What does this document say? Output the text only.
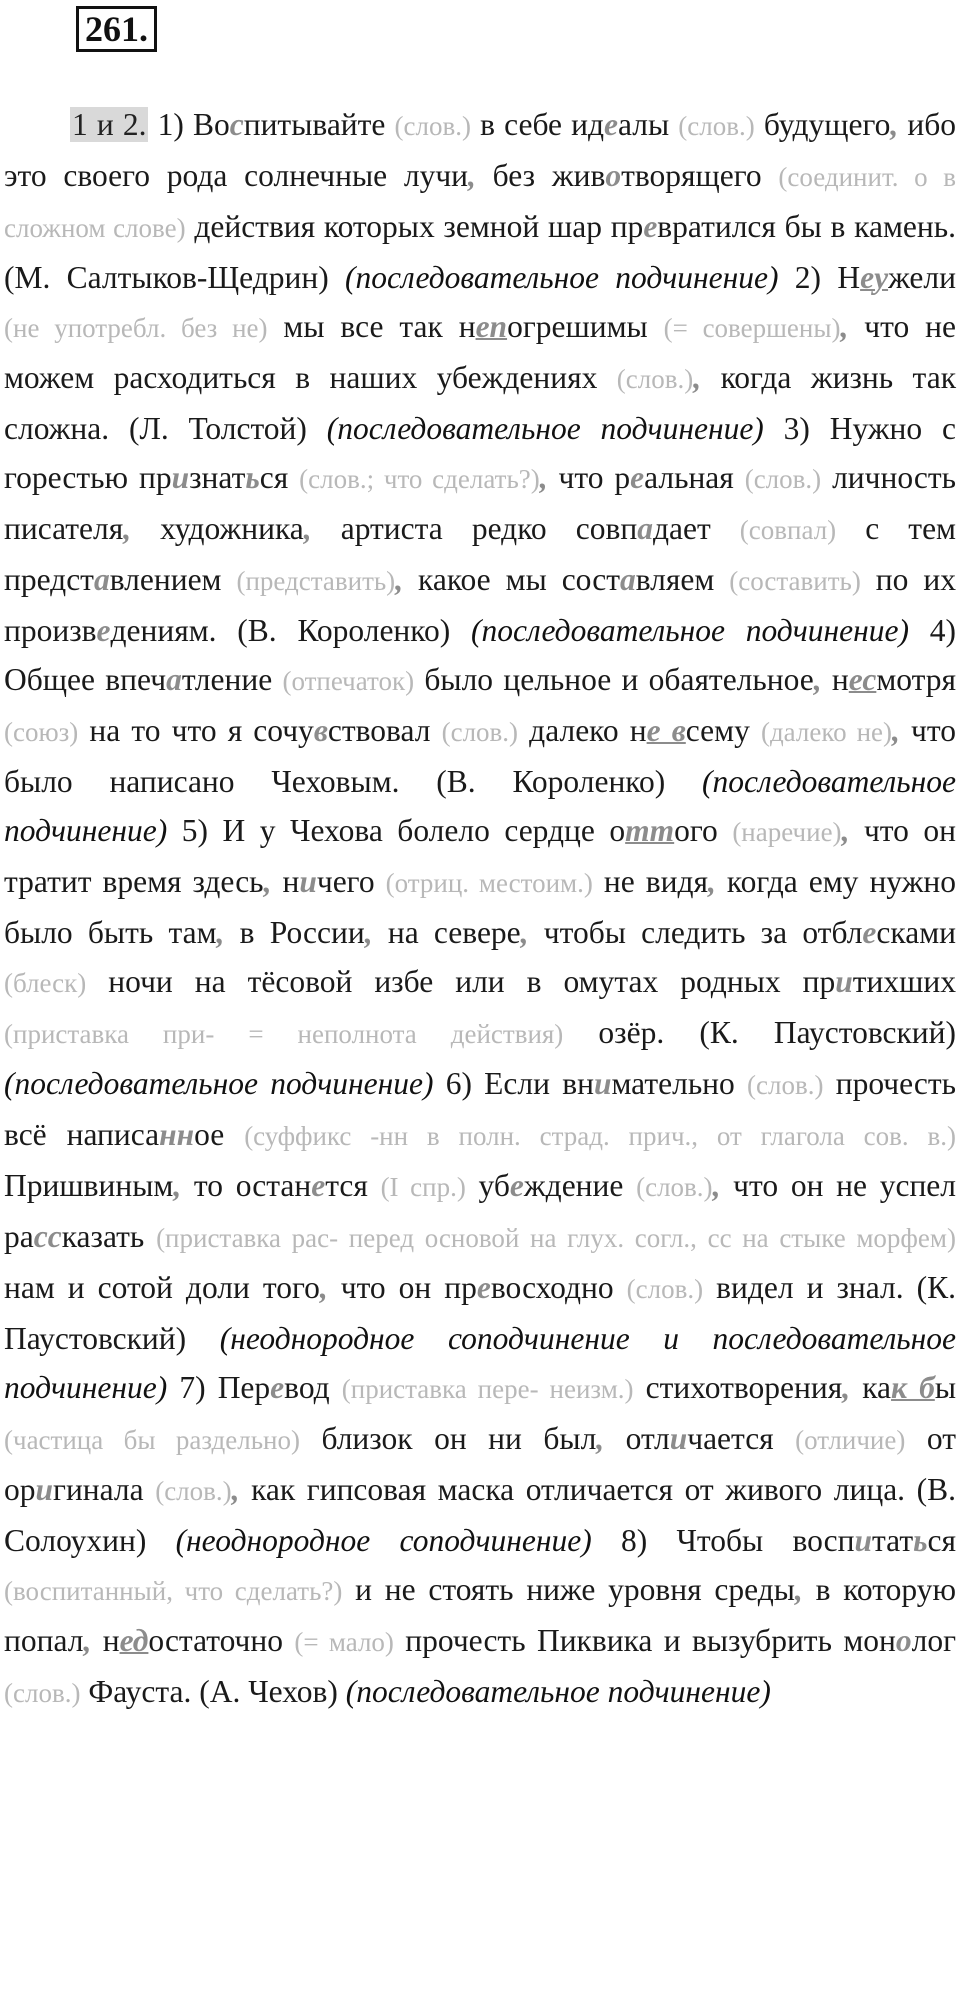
261.
1 и 2. 1) Воспитывайте (слов.) в себе идеалы (слов.) будущего, ибо это своего рода солнечные лучи, без животворящего (соединит. о в сложном слове) действия которых земной шар превратился бы в камень. (М. Салтыков-Щедрин) (последовательное подчинение) 2) Неужели (не употребл. без не) мы все так непогрешимы (= совершены), что не можем расходиться в наших убеждениях (слов.), когда жизнь так сложна. (Л. Толстой) (последовательное подчинение) 3) Нужно с горестью признаться (слов.; что сделать?), что реальная (слов.) личность писателя, художника, артиста редко совпадает (совпал) с тем представлением (представить), какое мы составляем (составить) по их произведениям. (В. Короленко) (последовательное подчинение) 4) Общее впечатление (отпечаток) было цельное и обаятельное, несмотря (союз) на то что я сочувствовал (слов.) далеко не всему (далеко не), что было написано Чеховым. (В. Короленко) (последовательное подчинение) 5) И у Чехова болело сердце оттого (наречие), что он тратит время здесь, ничего (отриц. местоим.) не видя, когда ему нужно было быть там, в России, на севере, чтобы следить за отблесками (блеск) ночи на тёсовой избе или в омутах родных притихших (приставка при- = неполнота действия) озёр. (К. Паустовский) (последовательное подчинение) 6) Если внимательно (слов.) прочесть всё написанное (суффикс -нн в полн. страд. прич., от глагола сов. в.) Пришвиным, то останется (I спр.) убеждение (слов.), что он не успел рассказать (приставка рас- перед основой на глух. согл., сс на стыке морфем) нам и сотой доли того, что он превосходно (слов.) видел и знал. (К. Паустовский) (неоднородное соподчинение и последовательное подчинение) 7) Перевод (приставка пере- неизм.) стихотворения, как бы (частица бы раздельно) близок он ни был, отличается (отличие) от оригинала (слов.), как гипсовая маска отличается от живого лица. (В. Солоухин) (неоднородное соподчинение) 8) Чтобы воспитаться (воспитанный, что сделать?) и не стоять ниже уровня среды, в которую попал, недостаточно (= мало) прочесть Пиквика и вызубрить монолог (слов.) Фауста. (А. Чехов) (последовательное подчинение)
